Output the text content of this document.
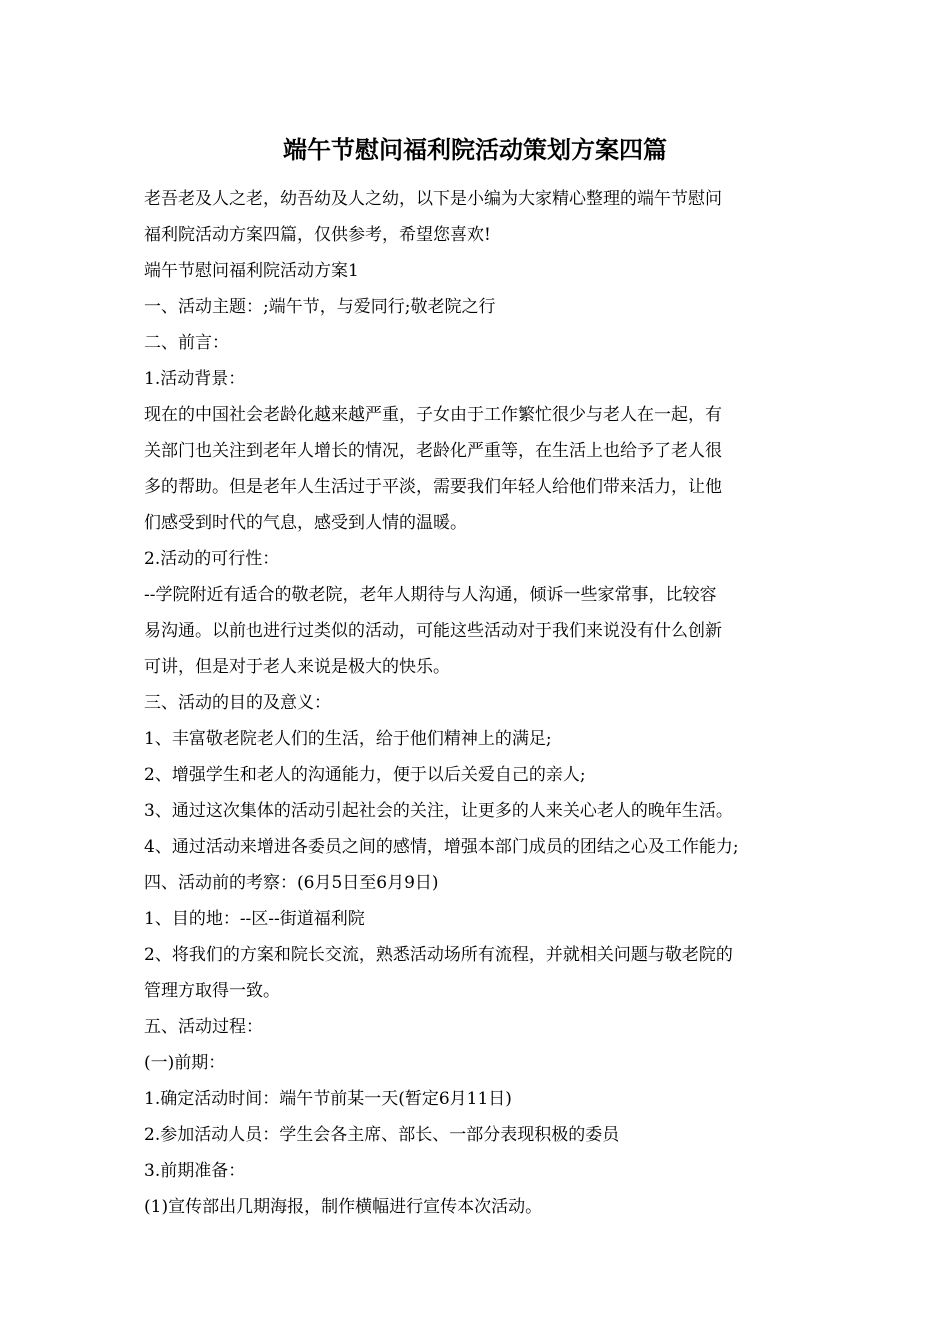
端午节慰问福利院活动策划方案四篇

老吾老及人之老，幼吾幼及人之幼，以下是小编为大家精心整理的端午节慰问

福利院活动方案四篇，仅供参考，希望您喜欢!

端午节慰问福利院活动方案1

一、活动主题：;端午节，与爱同行;敬老院之行

二、前言：

1.活动背景：

现在的中国社会老龄化越来越严重，子女由于工作繁忙很少与老人在一起，有

关部门也关注到老年人增长的情况，老龄化严重等，在生活上也给予了老人很

多的帮助。但是老年人生活过于平淡，需要我们年轻人给他们带来活力，让他

们感受到时代的气息，感受到人情的温暖。

2.活动的可行性：

--学院附近有适合的敬老院，老年人期待与人沟通，倾诉一些家常事，比较容

易沟通。以前也进行过类似的活动，可能这些活动对于我们来说没有什么创新

可讲，但是对于老人来说是极大的快乐。

三、活动的目的及意义：

1、丰富敬老院老人们的生活，给于他们精神上的满足;

2、增强学生和老人的沟通能力，便于以后关爱自己的亲人;

3、通过这次集体的活动引起社会的关注，让更多的人来关心老人的晚年生活。

4、通过活动来增进各委员之间的感情，增强本部门成员的团结之心及工作能力;

四、活动前的考察：(6月5日至6月9日)

1、目的地：--区--街道福利院

2、将我们的方案和院长交流，熟悉活动场所有流程，并就相关问题与敬老院的

管理方取得一致。

五、活动过程：

(一)前期：

1.确定活动时间：端午节前某一天(暂定6月11日)

2.参加活动人员：学生会各主席、部长、一部分表现积极的委员

3.前期准备：

(1)宣传部出几期海报，制作横幅进行宣传本次活动。
